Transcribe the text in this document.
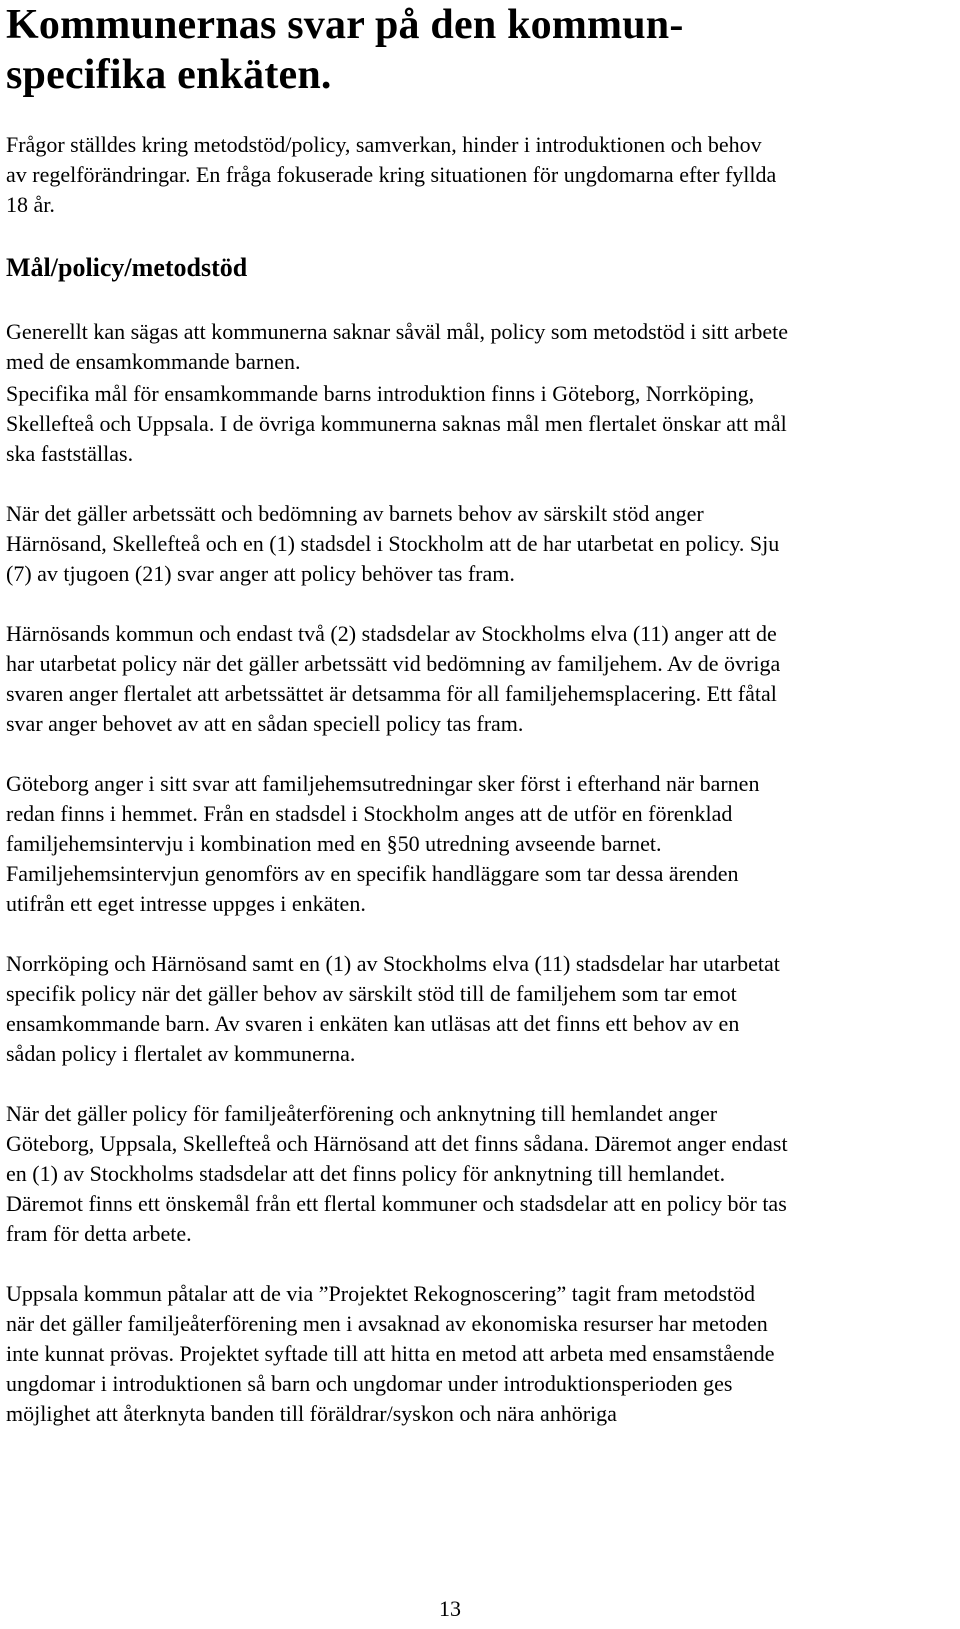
Kommunernas svar på den kommun-
specifika enkäten.

Frågor ställdes kring metodstöd/policy, samverkan, hinder i introduktionen och behov
av regelförändringar. En fråga fokuserade kring situationen för ungdomarna efter fyllda
18 år.

Mål/policy/metodstöd

Generellt kan sägas att kommunerna saknar såväl mål, policy som metodstöd i sitt arbete
med de ensamkommande barnen.

Specifika mål för ensamkommande barns introduktion finns i Göteborg, Norrköping,
Skellefteå och Uppsala. I de övriga kommunerna saknas mål men flertalet önskar att mål
ska fastställas.

När det gäller arbetssätt och bedömning av barnets behov av särskilt stöd anger
Härnösand, Skellefteå och en (1) stadsdel i Stockholm att de har utarbetat en policy. Sju
(7) av tjugoen (21) svar anger att policy behöver tas fram.

Härnösands kommun och endast två (2) stadsdelar av Stockholms elva (11) anger att de
har utarbetat policy när det gäller arbetssätt vid bedömning av familjehem. Av de övriga
svaren anger flertalet att arbetssättet är detsamma för all familjehemsplacering. Ett fåtal
svar anger behovet av att en sådan speciell policy tas fram.

Göteborg anger i sitt svar att familjehemsutredningar sker först i efterhand när barnen
redan finns i hemmet. Från en stadsdel i Stockholm anges att de utför en förenklad
familjehemsintervju i kombination med en §50 utredning avseende barnet.
Familjehemsintervjun genomförs av en specifik handläggare som tar dessa ärenden
utifrån ett eget intresse uppges i enkäten.

Norrköping och Härnösand samt en (1) av Stockholms elva (11) stadsdelar har utarbetat
specifik policy när det gäller behov av särskilt stöd till de familjehem som tar emot
ensamkommande barn. Av svaren i enkäten kan utläsas att det finns ett behov av en
sådan policy i flertalet av kommunerna.

När det gäller policy för familjeåterförening och anknytning till hemlandet anger
Göteborg, Uppsala, Skellefteå och Härnösand att det finns sådana. Däremot anger endast
en (1) av Stockholms stadsdelar att det finns policy för anknytning till hemlandet.
Däremot finns ett önskemål från ett flertal kommuner och stadsdelar att en policy bör tas
fram för detta arbete.

Uppsala kommun påtalar att de via ”Projektet Rekognoscering” tagit fram metodstöd
när det gäller familjeåterförening men i avsaknad av ekonomiska resurser har metoden
inte kunnat prövas. Projektet syftade till att hitta en metod att arbeta med ensamstående
ungdomar i introduktionen så barn och ungdomar under introduktionsperioden ges
möjlighet att återknyta banden till föräldrar/syskon och nära anhöriga

13
